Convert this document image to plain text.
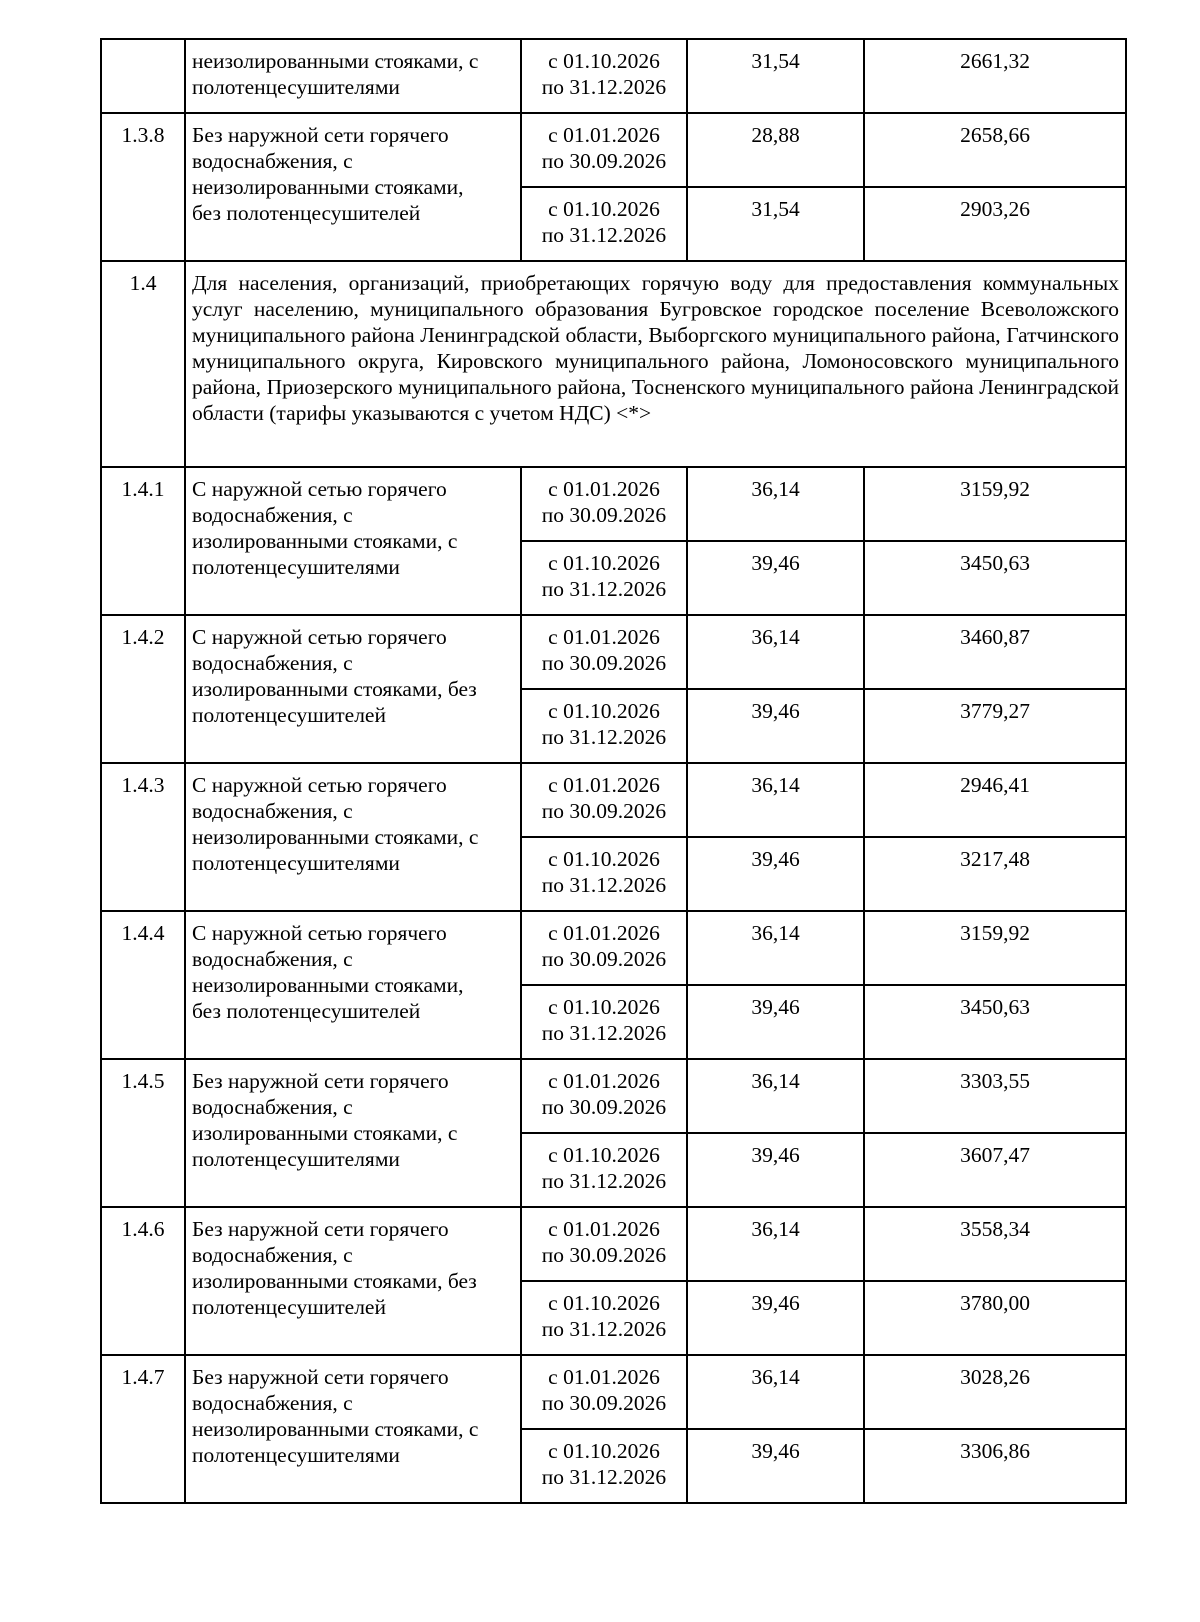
	неизолированными стояками, с
полотенцесушителями	с 01.10.2026
по 31.12.2026	31,54	2661,32
1.3.8	Без наружной сети горячего
водоснабжения, с
неизолированными стояками,
без полотенцесушителей	с 01.01.2026
по 30.09.2026	28,88	2658,66

		с 01.10.2026
по 31.12.2026	31,54	2903,26
1.4	Для населения, организаций, приобретающих горячую воду для предоставления коммунальных услуг населению, муниципального образования Бугровское городское поселение Всеволожского муниципального района Ленинградской области, Выборгского муниципального района, Гатчинского муниципального округа, Кировского муниципального района, Ломоносовского муниципального района, Приозерского муниципального района, Тосненского муниципального района Ленинградской области (тарифы указываются с учетом НДС) <*>			
1.4.1	С наружной сетью горячего
водоснабжения, с
изолированными стояками, с
полотенцесушителями	с 01.01.2026
по 30.09.2026	36,14	3159,92

		с 01.10.2026
по 31.12.2026	39,46	3450,63
1.4.2	С наружной сетью горячего
водоснабжения, с
изолированными стояками, без
полотенцесушителей	с 01.01.2026
по 30.09.2026	36,14	3460,87

		с 01.10.2026
по 31.12.2026	39,46	3779,27
1.4.3	С наружной сетью горячего
водоснабжения, с
неизолированными стояками, с
полотенцесушителями	с 01.01.2026
по 30.09.2026	36,14	2946,41

		с 01.10.2026
по 31.12.2026	39,46	3217,48
1.4.4	С наружной сетью горячего
водоснабжения, с
неизолированными стояками,
без полотенцесушителей	с 01.01.2026
по 30.09.2026	36,14	3159,92

		с 01.10.2026
по 31.12.2026	39,46	3450,63
1.4.5	Без наружной сети горячего
водоснабжения, с
изолированными стояками, с
полотенцесушителями	с 01.01.2026
по 30.09.2026	36,14	3303,55

		с 01.10.2026
по 31.12.2026	39,46	3607,47
1.4.6	Без наружной сети горячего
водоснабжения, с
изолированными стояками, без
полотенцесушителей	с 01.01.2026
по 30.09.2026	36,14	3558,34

		с 01.10.2026
по 31.12.2026	39,46	3780,00
1.4.7	Без наружной сети горячего
водоснабжения, с
неизолированными стояками, с
полотенцесушителями	с 01.01.2026
по 30.09.2026	36,14	3028,26

		с 01.10.2026
по 31.12.2026	39,46	3306,86
